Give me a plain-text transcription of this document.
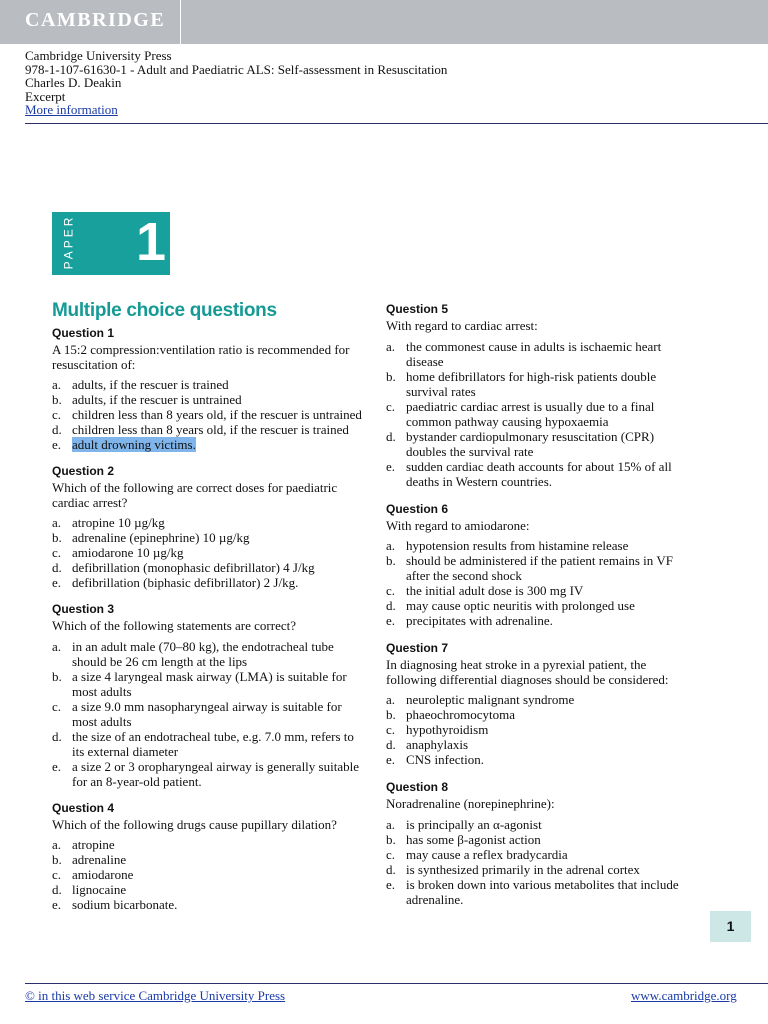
CAMBRIDGE
Cambridge University Press
978-1-107-61630-1 - Adult and Paediatric ALS: Self-assessment in Resuscitation
Charles D. Deakin
Excerpt
More information
PAPER 1
Multiple choice questions
Question 1
A 15:2 compression:ventilation ratio is recommended for resuscitation of:
a. adults, if the rescuer is trained
b. adults, if the rescuer is untrained
c. children less than 8 years old, if the rescuer is untrained
d. children less than 8 years old, if the rescuer is trained
e. adult drowning victims.
Question 2
Which of the following are correct doses for paediatric cardiac arrest?
a. atropine 10 µg/kg
b. adrenaline (epinephrine) 10 µg/kg
c. amiodarone 10 µg/kg
d. defibrillation (monophasic defibrillator) 4 J/kg
e. defibrillation (biphasic defibrillator) 2 J/kg.
Question 3
Which of the following statements are correct?
a. in an adult male (70–80 kg), the endotracheal tube should be 26 cm length at the lips
b. a size 4 laryngeal mask airway (LMA) is suitable for most adults
c. a size 9.0 mm nasopharyngeal airway is suitable for most adults
d. the size of an endotracheal tube, e.g. 7.0 mm, refers to its external diameter
e. a size 2 or 3 oropharyngeal airway is generally suitable for an 8-year-old patient.
Question 4
Which of the following drugs cause pupillary dilation?
a. atropine
b. adrenaline
c. amiodarone
d. lignocaine
e. sodium bicarbonate.
Question 5
With regard to cardiac arrest:
a. the commonest cause in adults is ischaemic heart disease
b. home defibrillators for high-risk patients double survival rates
c. paediatric cardiac arrest is usually due to a final common pathway causing hypoxaemia
d. bystander cardiopulmonary resuscitation (CPR) doubles the survival rate
e. sudden cardiac death accounts for about 15% of all deaths in Western countries.
Question 6
With regard to amiodarone:
a. hypotension results from histamine release
b. should be administered if the patient remains in VF after the second shock
c. the initial adult dose is 300 mg IV
d. may cause optic neuritis with prolonged use
e. precipitates with adrenaline.
Question 7
In diagnosing heat stroke in a pyrexial patient, the following differential diagnoses should be considered:
a. neuroleptic malignant syndrome
b. phaeochromocytoma
c. hypothyroidism
d. anaphylaxis
e. CNS infection.
Question 8
Noradrenaline (norepinephrine):
a. is principally an α-agonist
b. has some β-agonist action
c. may cause a reflex bradycardia
d. is synthesized primarily in the adrenal cortex
e. is broken down into various metabolites that include adrenaline.
1
© in this web service Cambridge University Press	www.cambridge.org
